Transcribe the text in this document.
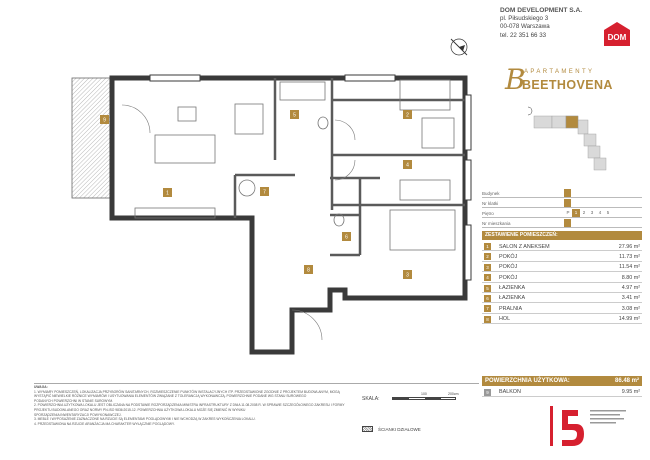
DOM DEVELOPMENT S.A.
pl. Piłsudskiego 3
00-078 Warszawa
tel. 22 351 66 33	DOM
B
APARTAMENTY
BEETHOVENA
1
2
3
4
5
6
7
8
9
Budynek
Nr klatki
Piętro	P	1	2	3	4	5
Nr mieszkania
ZESTAWIENIE POMIESZCZEŃ:
1	SALON Z ANEKSEM	27.96 m²
2	POKÓJ	11.73 m²
3	POKÓJ	11.54 m²
4	POKÓJ	8.80 m²
5	ŁAZIENKA	4.97 m²
6	ŁAZIENKA	3.41 m²
7	PRALNIA	3.08 m²
8	HOL	14.99 m²
POWIERZCHNIA UŻYTKOWA:	86.48 m²
9	BALKON	9.95 m²
UWAGA:
1. WYMIARY POMIESZCZEŃ, LOKALIZACJA PRZYBORÓW SANITARNYCH, ROZMIESZCZENIE PUNKTÓW INSTALACYJNYCH ITP. PRZEDSTAWIONE ZGODNIE Z PROJEKTEM BUDOWLANYM, MOGĄ
WYSTĄPIĆ NIEWIELKIE RÓŻNICE WYMIARÓW I USYTUOWANIA ELEMENTÓW ZWIĄZANE Z TOLERANCJĄ WYKONAWCZĄ. POWIERZCHNIE PODANE WG STANU SUROWEGO
PODANYCH POWIERZCHNI W STANIE SUROWYM.
2. POWIERZCHNIA UŻYTKOWA LOKALU JEST OBLICZANA NA PODSTAWIE ROZPORZĄDZENIA MINISTRA INFRASTRUKTURY Z DNIA 11.08.2008 R. W SPRAWIE SZCZEGÓŁOWEGO ZAKRESU I FORMY
PROJEKTU BUDOWLANEGO ORAZ NORMY PN-ISO 9836:2015-12. POWIERZCHNIA UŻYTKOWA LOKALU MOŻE SIĘ ZMIENIĆ W WYNIKU
SPORZĄDZENIA INWENTARYZACJI POWYKONAWCZEJ.
3. MEBLE I WYPOSAŻENIE ZAZNACZONE NA RZUCIE SĄ ELEMENTAMI POGLĄDOWYMI I NIE WCHODZĄ W ZAKRES WYKOŃCZENIA LOKALU.
4. PRZEDSTAWIONA NA RZUCIE ARANŻACJA MA CHARAKTER WYŁĄCZNIE POGLĄDOWY.
SKALA:
100	200cm
ŚCIANKI DZIAŁOWE
